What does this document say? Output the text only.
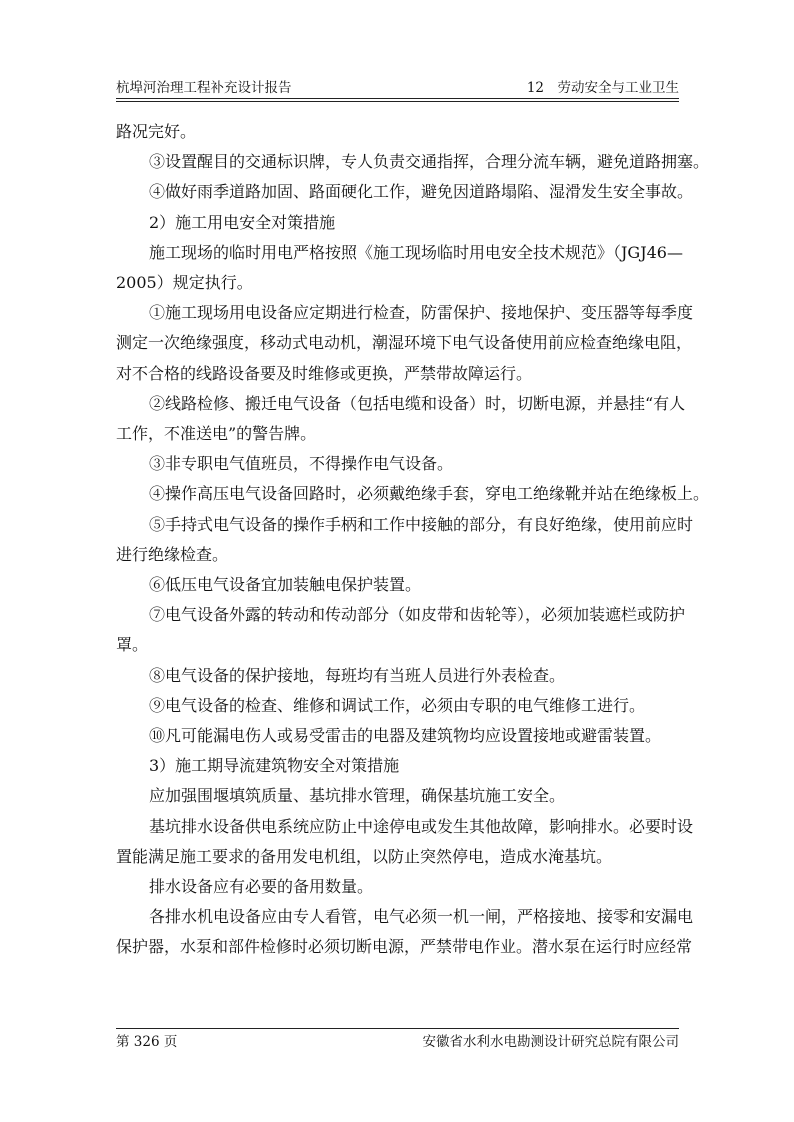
杭埠河治理工程补充设计报告	12　劳动安全与工业卫生

路况完好。

③设置醒目的交通标识牌，专人负责交通指挥，合理分流车辆，避免道路拥塞。

④做好雨季道路加固、路面硬化工作，避免因道路塌陷、湿滑发生安全事故。

2）施工用电安全对策措施

施工现场的临时用电严格按照《施工现场临时用电安全技术规范》（JGJ46—

2005）规定执行。

①施工现场用电设备应定期进行检查，防雷保护、接地保护、变压器等每季度

测定一次绝缘强度，移动式电动机，潮湿环境下电气设备使用前应检查绝缘电阻，

对不合格的线路设备要及时维修或更换，严禁带故障运行。

②线路检修、搬迁电气设备（包括电缆和设备）时，切断电源，并悬挂“有人

工作，不准送电”的警告牌。

③非专职电气值班员，不得操作电气设备。

④操作高压电气设备回路时，必须戴绝缘手套，穿电工绝缘靴并站在绝缘板上。

⑤手持式电气设备的操作手柄和工作中接触的部分，有良好绝缘，使用前应时

进行绝缘检查。

⑥低压电气设备宜加装触电保护装置。

⑦电气设备外露的转动和传动部分（如皮带和齿轮等），必须加装遮栏或防护

罩。

⑧电气设备的保护接地，每班均有当班人员进行外表检查。

⑨电气设备的检查、维修和调试工作，必须由专职的电气维修工进行。

⑩凡可能漏电伤人或易受雷击的电器及建筑物均应设置接地或避雷装置。

3）施工期导流建筑物安全对策措施

应加强围堰填筑质量、基坑排水管理，确保基坑施工安全。

基坑排水设备供电系统应防止中途停电或发生其他故障，影响排水。必要时设

置能满足施工要求的备用发电机组，以防止突然停电，造成水淹基坑。

排水设备应有必要的备用数量。

各排水机电设备应由专人看管，电气必须一机一闸，严格接地、接零和安漏电

保护器，水泵和部件检修时必须切断电源，严禁带电作业。潜水泵在运行时应经常

第 326 页	安徽省水利水电勘测设计研究总院有限公司
